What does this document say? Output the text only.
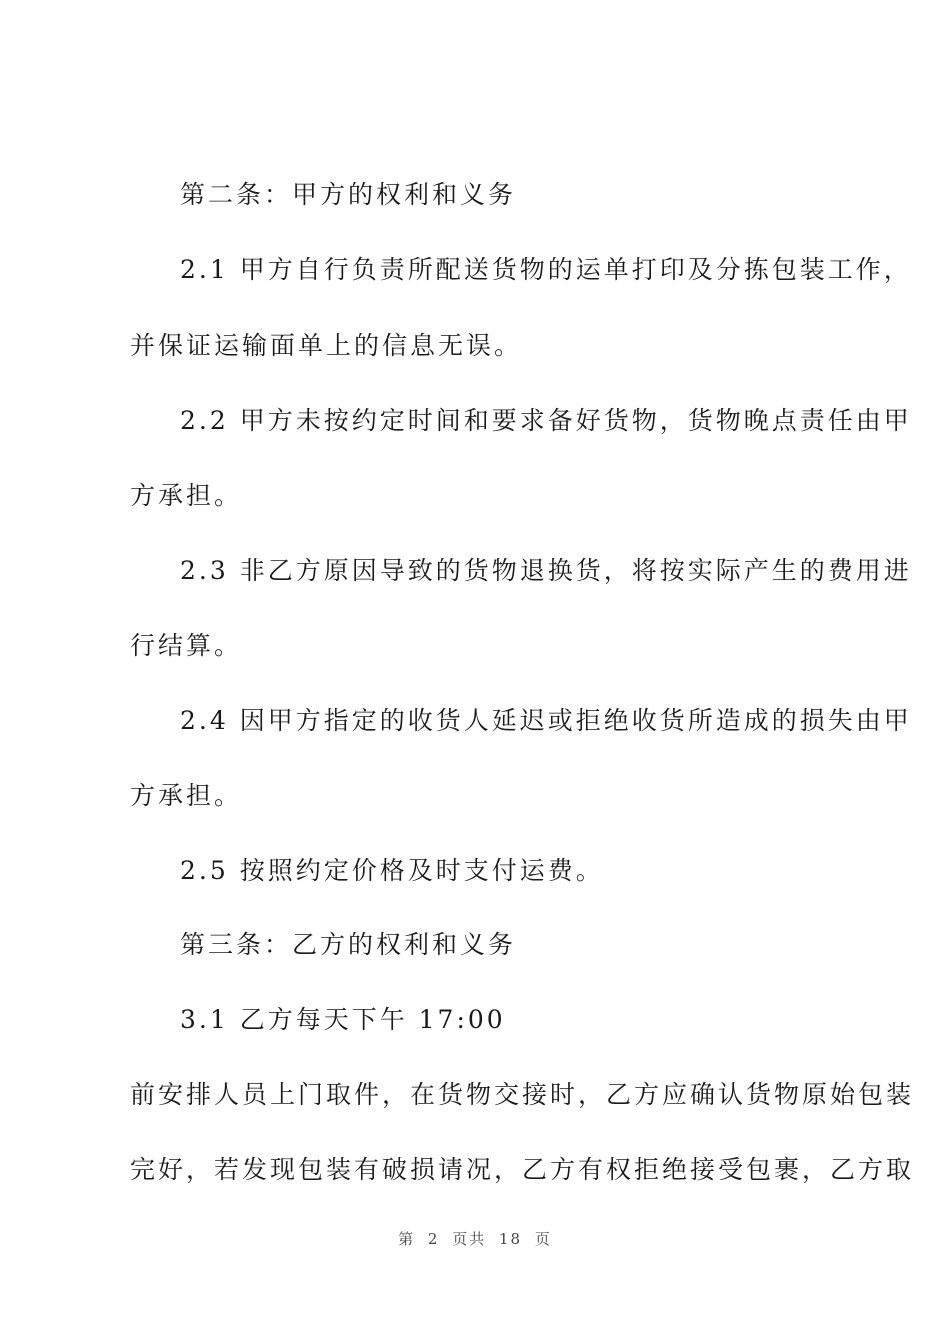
第二条：甲方的权利和义务
2.1 甲方自行负责所配送货物的运单打印及分拣包装工作，
并保证运输面单上的信息无误。
2.2 甲方未按约定时间和要求备好货物，货物晚点责任由甲
方承担。
2.3 非乙方原因导致的货物退换货，将按实际产生的费用进
行结算。
2.4 因甲方指定的收货人延迟或拒绝收货所造成的损失由甲
方承担。
2.5 按照约定价格及时支付运费。
第三条：乙方的权利和义务
3.1 乙方每天下午 17:00
前安排人员上门取件，在货物交接时，乙方应确认货物原始包装
完好，若发现包装有破损请况，乙方有权拒绝接受包裹，乙方取
第 2 页共 18 页
